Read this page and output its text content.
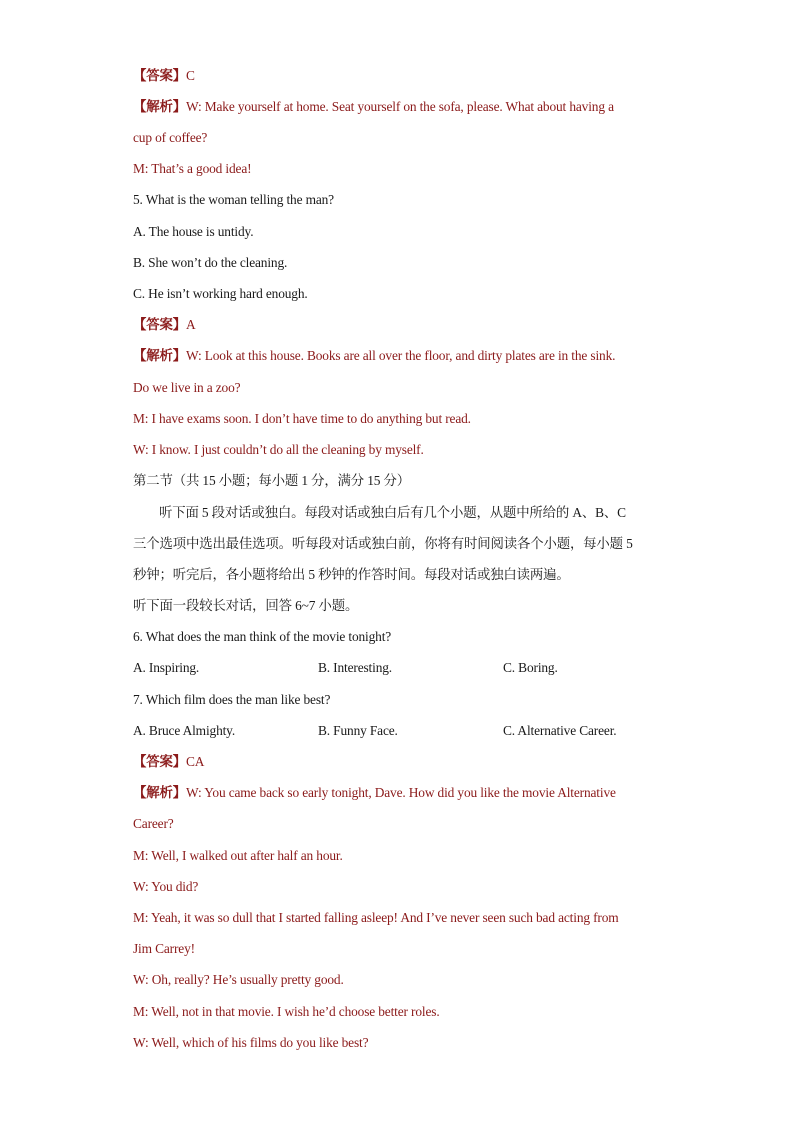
【答案】C
【解析】W: Make yourself at home. Seat yourself on the sofa, please. What about having a
cup of coffee?
M: That’s a good idea!
5. What is the woman telling the man?
A. The house is untidy.
B. She won’t do the cleaning.
C. He isn’t working hard enough.
【答案】A
【解析】W: Look at this house. Books are all over the floor, and dirty plates are in the sink.
Do we live in a zoo?
M: I have exams soon. I don’t have time to do anything but read.
W: I know. I just couldn’t do all the cleaning by myself.
第二节（共 15 小题；每小题 1 分，满分 15 分）
听下面 5 段对话或独白。每段对话或独白后有几个小题，从题中所给的 A、B、C
三个选项中选出最佳选项。听每段对话或独白前，你将有时间阅读各个小题，每小题 5
秒钟；听完后，各小题将给出 5 秒钟的作答时间。每段对话或独白读两遍。
听下面一段较长对话，回答 6~7 小题。
6. What does the man think of the movie tonight?
A. Inspiring.	B. Interesting.	C. Boring.
7. Which film does the man like best?
A. Bruce Almighty.	B. Funny Face.	C. Alternative Career.
【答案】CA
【解析】W: You came back so early tonight, Dave. How did you like the movie Alternative
Career?
M: Well, I walked out after half an hour.
W: You did?
M: Yeah, it was so dull that I started falling asleep! And I’ve never seen such bad acting from
Jim Carrey!
W: Oh, really? He’s usually pretty good.
M: Well, not in that movie. I wish he’d choose better roles.
W: Well, which of his films do you like best?
